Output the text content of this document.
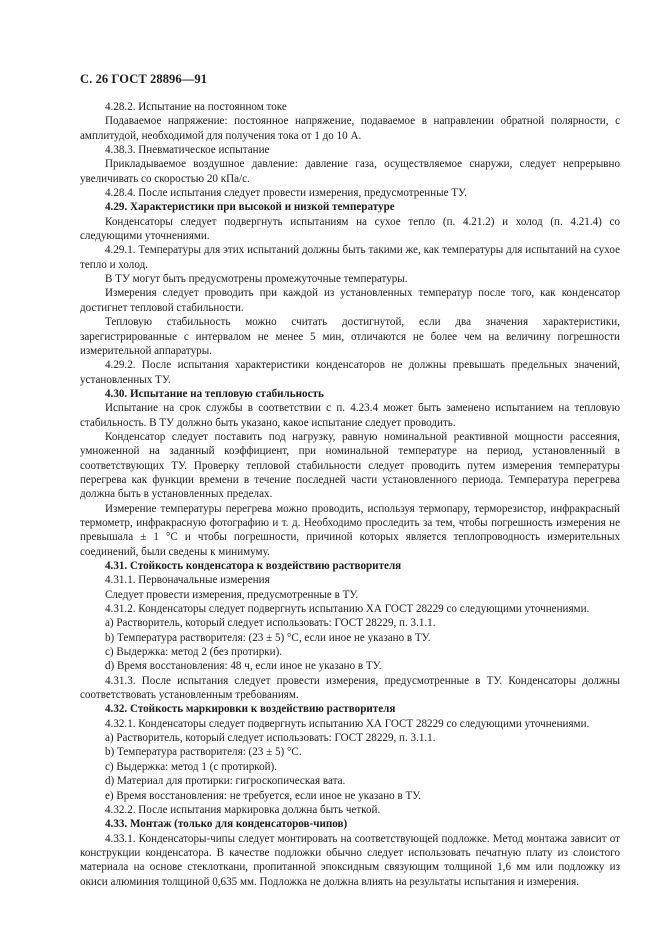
С. 26 ГОСТ 28896—91

4.28.2. Испытание на постоянном токе

Подаваемое напряжение: постоянное напряжение, подаваемое в направлении обратной полярности, с амплитудой, необходимой для получения тока от 1 до 10 А.

4.38.3. Пневматическое испытание

Прикладываемое воздушное давление: давление газа, осуществляемое снаружи, следует непрерывно увеличивать со скоростью 20 кПа/с.

4.28.4. После испытания следует провести измерения, предусмотренные ТУ.

4.29. Характеристики при высокой и низкой температуре

Конденсаторы следует подвергнуть испытаниям на сухое тепло (п. 4.21.2) и холод (п. 4.21.4) со следующими уточнениями.

4.29.1. Температуры для этих испытаний должны быть такими же, как температуры для испытаний на сухое тепло и холод.

В ТУ могут быть предусмотрены промежуточные температуры.

Измерения следует проводить при каждой из установленных температур после того, как конденсатор достигнет тепловой стабильности.

Тепловую стабильность можно считать достигнутой, если два значения характеристики, зарегистрированные с интервалом не менее 5 мин, отличаются не более чем на величину погрешности измерительной аппаратуры.

4.29.2. После испытания характеристики конденсаторов не должны превышать предельных значений, установленных ТУ.

4.30. Испытание на тепловую стабильность

Испытание на срок службы в соответствии с п. 4.23.4 может быть заменено испытанием на тепловую стабильность. В ТУ должно быть указано, какое испытание следует проводить.

Конденсатор следует поставить под нагрузку, равную номинальной реактивной мощности рассеяния, умноженной на заданный коэффициент, при номинальной температуре на период, установленный в соответствующих ТУ. Проверку тепловой стабильности следует проводить путем измерения температуры перегрева как функции времени в течение последней части установленного периода. Температура перегрева должна быть в установленных пределах.

Измерение температуры перегрева можно проводить, используя термопару, терморезистор, инфракрасный термометр, инфракрасную фотографию и т. д. Необходимо проследить за тем, чтобы погрешность измерения не превышала ± 1 °С и чтобы погрешности, причиной которых является теплопроводность измерительных соединений, были сведены к минимуму.

4.31. Стойкость конденсатора к воздействию растворителя

4.31.1. Первоначальные измерения

Следует провести измерения, предусмотренные в ТУ.

4.31.2. Конденсаторы следует подвергнуть испытанию ХА ГОСТ 28229 со следующими уточнениями.

a) Растворитель, который следует использовать: ГОСТ 28229, п. 3.1.1.

b) Температура растворителя: (23 ± 5) °С, если иное не указано в ТУ.

c) Выдержка: метод 2 (без протирки).

d) Время восстановления: 48 ч, если иное не указано в ТУ.

4.31.3. После испытания следует провести измерения, предусмотренные в ТУ. Конденсаторы должны соответствовать установленным требованиям.

4.32. Стойкость маркировки к воздействию растворителя

4.32.1. Конденсаторы следует подвергнуть испытанию ХА ГОСТ 28229 со следующими уточнениями.

a) Растворитель, который следует использовать: ГОСТ 28229, п. 3.1.1.

b) Температура растворителя: (23 ± 5) °С.

c) Выдержка: метод 1 (с протиркой).

d) Материал для протирки: гигроскопическая вата.

e) Время восстановления: не требуется, если иное не указано в ТУ.

4.32.2. После испытания маркировка должна быть четкой.

4.33. Монтаж (только для конденсаторов-чипов)

4.33.1. Конденсаторы-чипы следует монтировать на соответствующей подложке. Метод монтажа зависит от конструкции конденсатора. В качестве подложки обычно следует использовать печатную плату из слоистого материала на основе стеклоткани, пропитанной эпоксидным связующим толщиной 1,6 мм или подложку из окиси алюминия толщиной 0,635 мм. Подложка не должна влиять на результаты испытания и измерения.
